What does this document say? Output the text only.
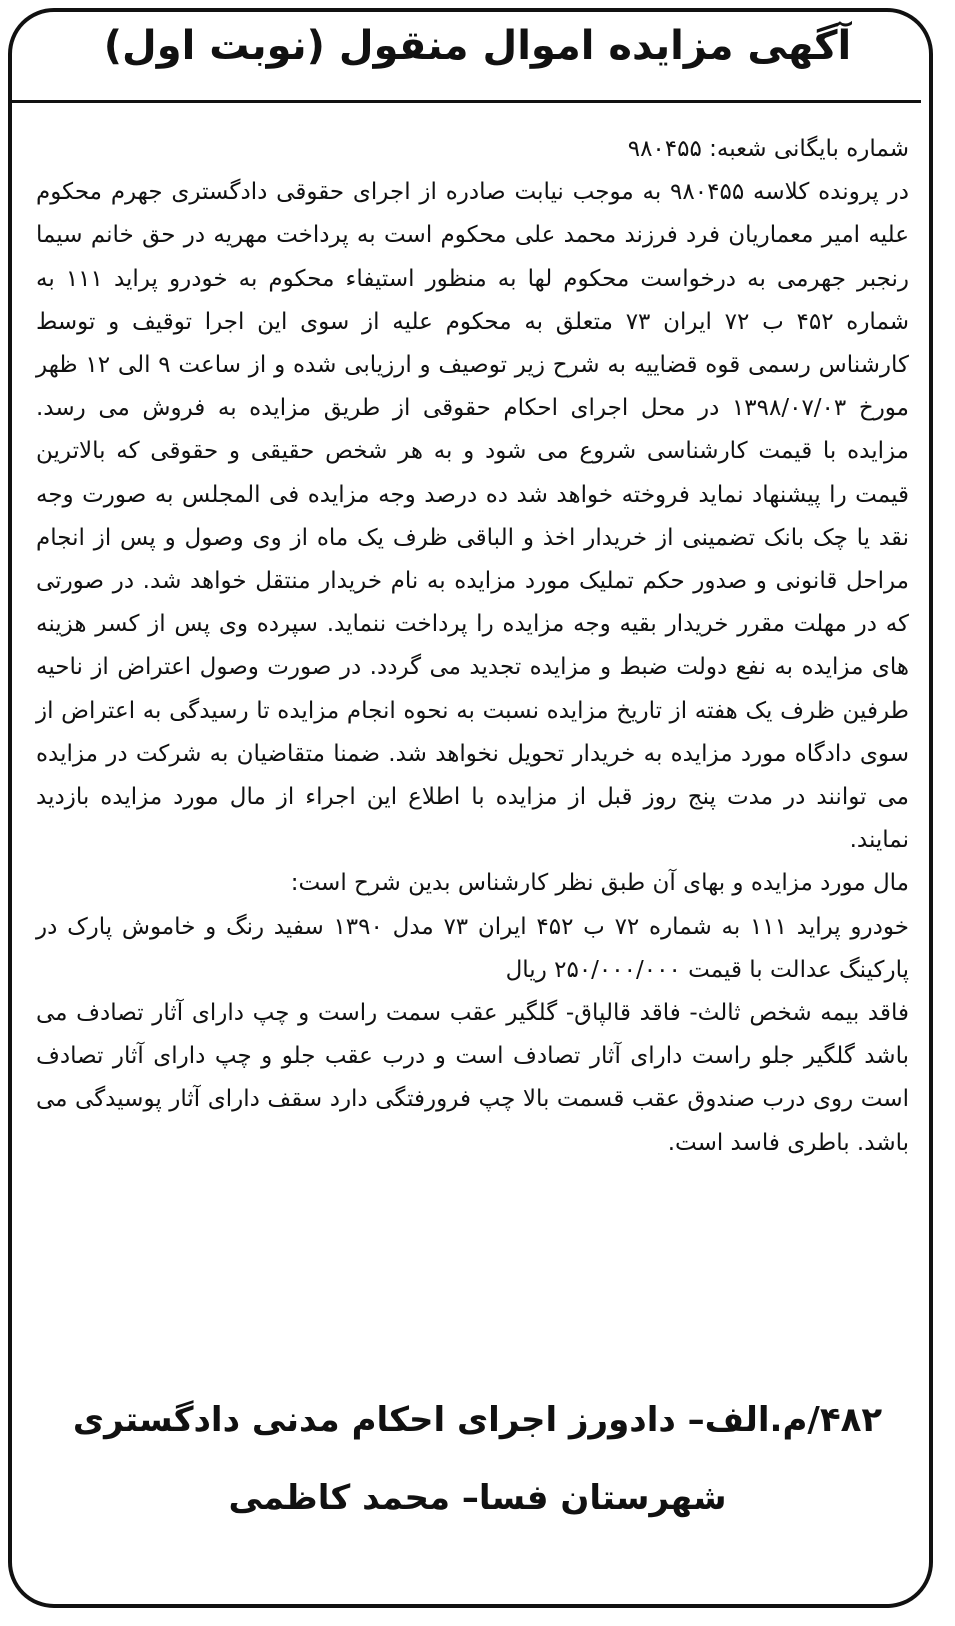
آگهی مزایده اموال منقول (نوبت اول)

شماره بایگانی شعبه: ۹۸۰۴۵۵

در پرونده کلاسه ۹۸۰۴۵۵ به موجب نیابت صادره از اجرای حقوقی دادگستری جهرم محکوم علیه امیر معماریان فرد فرزند محمد علی محکوم است به پرداخت مهریه در حق خانم سیما رنجبر جهرمی به درخواست محکوم لها به منظور استیفاء محکوم به خودرو پراید ۱۱۱ به شماره ۴۵۲ ب ۷۲ ایران ۷۳ متعلق به محکوم علیه از سوی این اجرا توقیف و توسط کارشناس رسمی قوه قضاییه به شرح زیر توصیف و ارزیابی شده و از ساعت ۹ الی ۱۲ ظهر مورخ ۱۳۹۸/۰۷/۰۳ در محل اجرای احکام حقوقی از طریق مزایده به فروش می رسد. مزایده با قیمت کارشناسی شروع می شود و به هر شخص حقیقی و حقوقی که بالاترین قیمت را پیشنهاد نماید فروخته خواهد شد ده درصد وجه مزایده فی المجلس به صورت وجه نقد یا چک بانک تضمینی از خریدار اخذ و الباقی ظرف یک ماه از وی وصول و پس از انجام مراحل قانونی و صدور حکم تملیک مورد مزایده به نام خریدار منتقل خواهد شد. در صورتی که در مهلت مقرر خریدار بقیه وجه مزایده را پرداخت ننماید. سپرده وی پس از کسر هزینه های مزایده به نفع دولت ضبط و مزایده تجدید می گردد. در صورت وصول اعتراض از ناحیه طرفین ظرف یک هفته از تاریخ مزایده نسبت به نحوه انجام مزایده تا رسیدگی به اعتراض از سوی دادگاه مورد مزایده به خریدار تحویل نخواهد شد. ضمنا متقاضیان به شرکت در مزایده می توانند در مدت پنج روز قبل از مزایده با اطلاع این اجراء از مال مورد مزایده بازدید نمایند.

مال مورد مزایده و بهای آن طبق نظر کارشناس بدین شرح است:

خودرو پراید ۱۱۱ به شماره ۷۲ ب ۴۵۲ ایران ۷۳ مدل ۱۳۹۰ سفید رنگ و خاموش پارک در پارکینگ عدالت با قیمت ۲۵۰/۰۰۰/۰۰۰ ریال

فاقد بیمه شخص ثالث- فاقد قالپاق- گلگیر عقب سمت راست و چپ دارای آثار تصادف می باشد گلگیر جلو راست دارای آثار تصادف است و درب عقب جلو و چپ دارای آثار تصادف است روی درب صندوق عقب قسمت بالا چپ فرورفتگی دارد سقف دارای آثار پوسیدگی می باشد. باطری فاسد است.

۴۸۲/م.الف– دادورز اجرای احکام مدنی دادگستری

شهرستان فسا– محمد کاظمی
